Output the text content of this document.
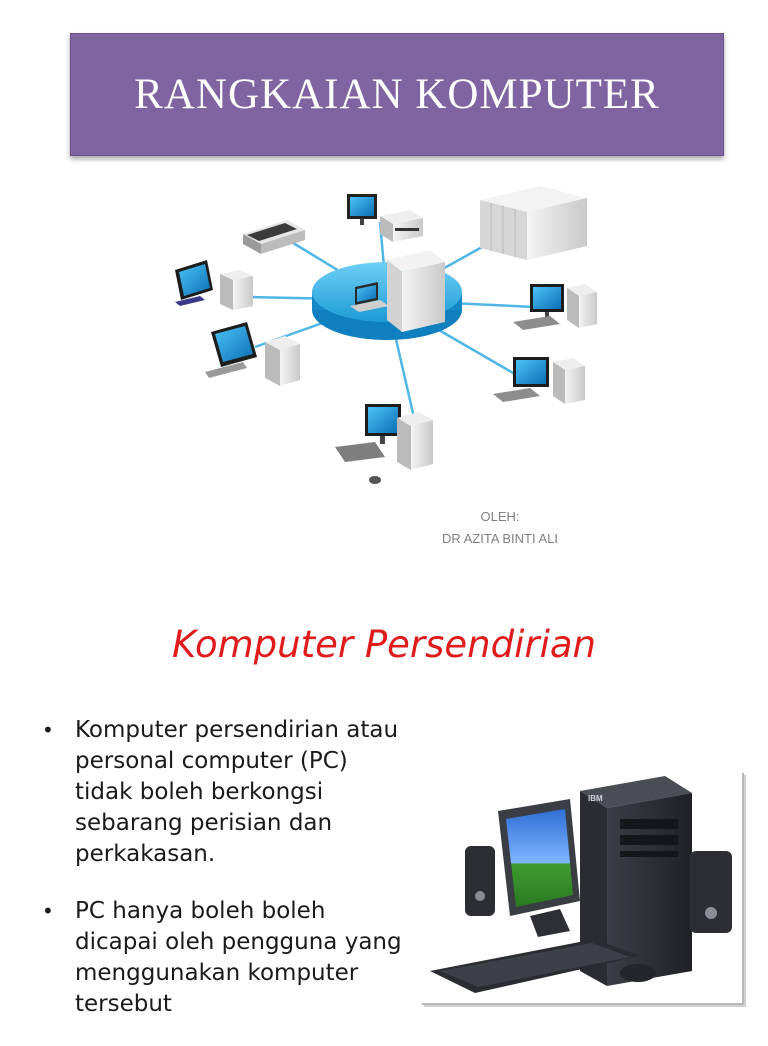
RANGKAIAN KOMPUTER
OLEH:
DR AZITA BINTI ALI
Komputer Persendirian
• Komputer persendirian atau personal computer (PC) tidak boleh berkongsi sebarang perisian dan perkakasan.
• PC hanya boleh boleh dicapai oleh pengguna yang menggunakan komputer tersebut
IBM
